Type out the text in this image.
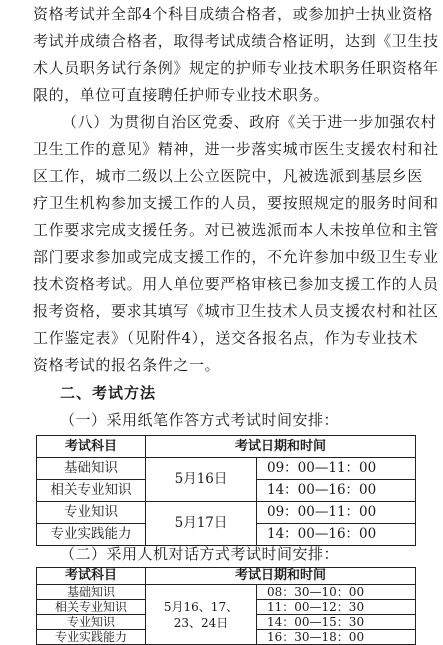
资格考试并全部4个科目成绩合格者，或参加护士执业资格
考试并成绩合格者，取得考试成绩合格证明，达到《卫生技
术人员职务试行条例》规定的护师专业技术职务任职资格年
限的，单位可直接聘任护师专业技术职务。
（八）为贯彻自治区党委、政府《关于进一步加强农村
卫生工作的意见》精神，进一步落实城市医生支援农村和社
区工作，城市二级以上公立医院中，凡被选派到基层乡医
疗卫生机构参加支援工作的人员，要按照规定的服务时间和
工作要求完成支援任务。对已被选派而本人未按单位和主管
部门要求参加或完成支援工作的，不允许参加中级卫生专业
技术资格考试。用人单位要严格审核已参加支援工作的人员
报考资格，要求其填写《城市卫生技术人员支援农村和社区
工作鉴定表》（见附件4），送交各报名点，作为专业技术
资格考试的报名条件之一。
二、考试方法
（一）采用纸笔作答方式考试时间安排：
考试科目	考试日期和时间	
基础知识	5月16日	09：00—11：00
相关专业知识		14：00—16：00
专业知识	5月17日	09：00—11：00
专业实践能力		14：00—16：00
（二）采用人机对话方式考试时间安排：
考试科目	考试日期和时间	
基础知识	5月16、17、23、24日	08：30—10：00
相关专业知识		11：00—12：30
专业知识		14：00—15：30
专业实践能力		16：30—18：00
